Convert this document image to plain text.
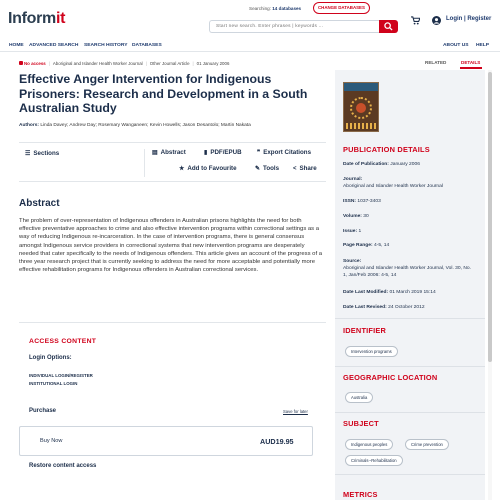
Informit
Searching: 14 databases	CHANGE DATABASES
Start new search. Enter phrases | keywords ...
Login | Register
HOME ADVANCED SEARCH SEARCH HISTORY DATABASES	ABOUT US HELP
No access | Aboriginal and Islander Health Worker Journal | Other Journal Article | 01 January 2006	RELATED	DETAILS
Effective Anger Intervention for Indigenous Prisoners: Research and Development in a South Australian Study
Authors: Linda Davey; Andrew Day; Rosemary Wanganeen; Kevin Howells; Jason Desantolo; Martin Nakata
☰ Sections	▤ Abstract	▮ PDF/EPUB	❞ Export Citations
★ Add to Favourite	✎ Tools < Share
Abstract
The problem of over-representation of Indigenous offenders in Australian prisons highlights the need for both effective preventative approaches to crime and also effective intervention programs within correctional settings as a way of reducing Indigenous re-incarceration. In the case of intervention programs, there is general consensus amongst Indigenous service providers in correctional systems that new intervention programs are desperately needed that cater specifically to the needs of Indigenous offenders. This article gives an account of the progress of a three year research project that is currently seeking to address the need for more acceptable and potentially more effective rehabilitation programs for Indigenous offenders in Australian correctional services.
ACCESS CONTENT
Login Options:
INDIVIDUAL LOGIN/REGISTER
INSTITUTIONAL LOGIN
Purchase	Save for later
Buy Now	AUD19.95
Restore content access
PUBLICATION DETAILS
Date of Publication: January 2006
Journal:
Aboriginal and Islander Health Worker Journal
ISSN: 1037-3403
Volume: 30
Issue: 1
Page Range: 4-5, 14
Source:
Aboriginal and Islander Health Worker Journal, Vol. 30, No. 1, Jan/Feb 2006: 4-5, 14
Date Last Modified: 01 March 2019 15:14
Date Last Revised: 24 October 2012
IDENTIFIER
Intervention programs
GEOGRAPHIC LOCATION
Australia
SUBJECT
Indigenous peoples	Crime prevention
Criminals--Rehabilitation
METRICS
